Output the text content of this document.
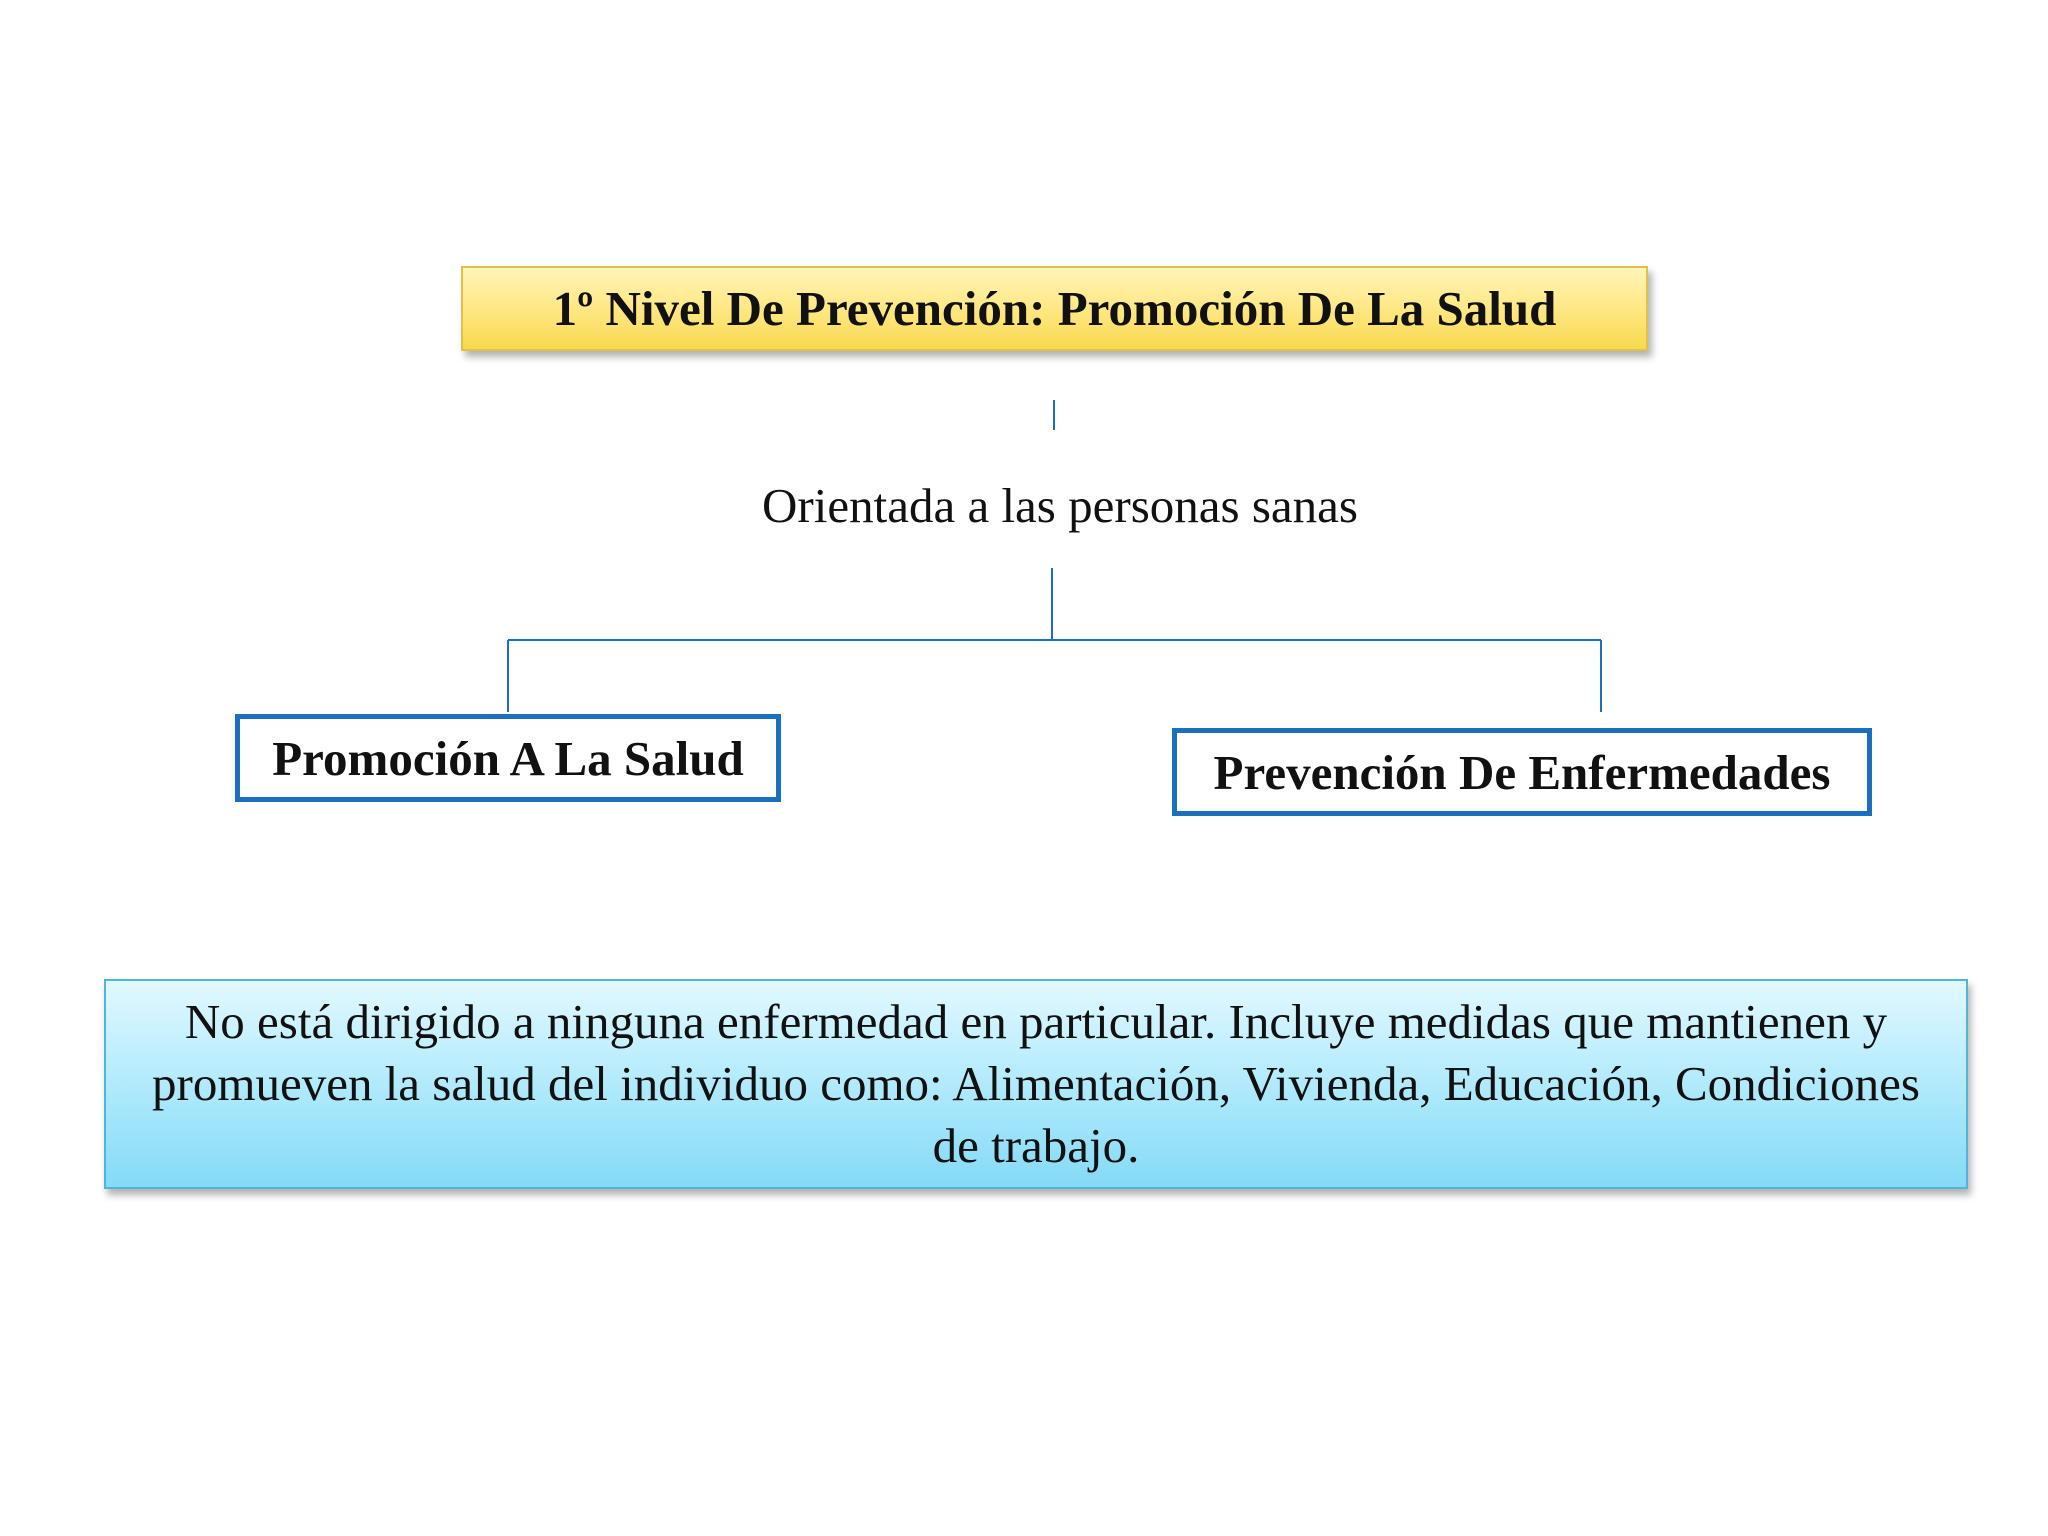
1º Nivel De Prevención: Promoción De La Salud
Orientada a las personas sanas
Promoción A La Salud	Prevención De Enfermedades
No está dirigido a ninguna enfermedad en particular. Incluye medidas que mantienen y promueven la salud del individuo como: Alimentación, Vivienda, Educación, Condiciones de trabajo.
